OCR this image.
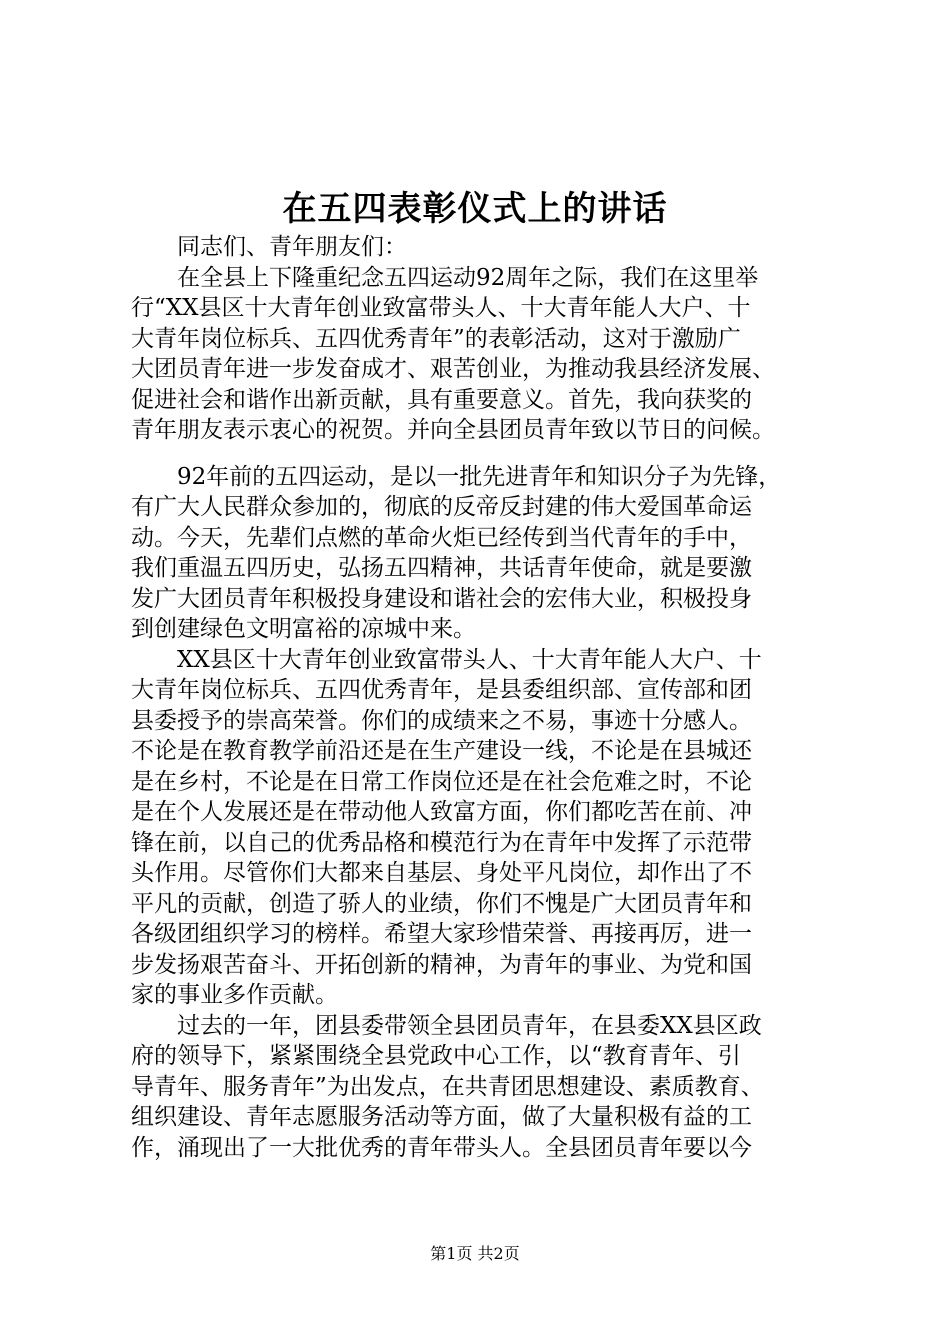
在五四表彰仪式上的讲话
第1页 共2页
同志们、青年朋友们：
在全县上下隆重纪念五四运动92周年之际，我们在这里举
行“XX县区十大青年创业致富带头人、十大青年能人大户、十
大青年岗位标兵、五四优秀青年”的表彰活动，这对于激励广
大团员青年进一步发奋成才、艰苦创业，为推动我县经济发展、
促进社会和谐作出新贡献，具有重要意义。首先，我向获奖的
青年朋友表示衷心的祝贺。并向全县团员青年致以节日的问候。
92年前的五四运动，是以一批先进青年和知识分子为先锋，
有广大人民群众参加的，彻底的反帝反封建的伟大爱国革命运
动。今天，先辈们点燃的革命火炬已经传到当代青年的手中，
我们重温五四历史，弘扬五四精神，共话青年使命，就是要激
发广大团员青年积极投身建设和谐社会的宏伟大业，积极投身
到创建绿色文明富裕的凉城中来。
XX县区十大青年创业致富带头人、十大青年能人大户、十
大青年岗位标兵、五四优秀青年，是县委组织部、宣传部和团
县委授予的崇高荣誉。你们的成绩来之不易，事迹十分感人。
不论是在教育教学前沿还是在生产建设一线，不论是在县城还
是在乡村，不论是在日常工作岗位还是在社会危难之时，不论
是在个人发展还是在带动他人致富方面，你们都吃苦在前、冲
锋在前，以自己的优秀品格和模范行为在青年中发挥了示范带
头作用。尽管你们大都来自基层、身处平凡岗位，却作出了不
平凡的贡献，创造了骄人的业绩，你们不愧是广大团员青年和
各级团组织学习的榜样。希望大家珍惜荣誉、再接再厉，进一
步发扬艰苦奋斗、开拓创新的精神，为青年的事业、为党和国
家的事业多作贡献。
过去的一年，团县委带领全县团员青年，在县委XX县区政
府的领导下，紧紧围绕全县党政中心工作，以“教育青年、引
导青年、服务青年”为出发点，在共青团思想建设、素质教育、
组织建设、青年志愿服务活动等方面，做了大量积极有益的工
作，涌现出了一大批优秀的青年带头人。全县团员青年要以今
